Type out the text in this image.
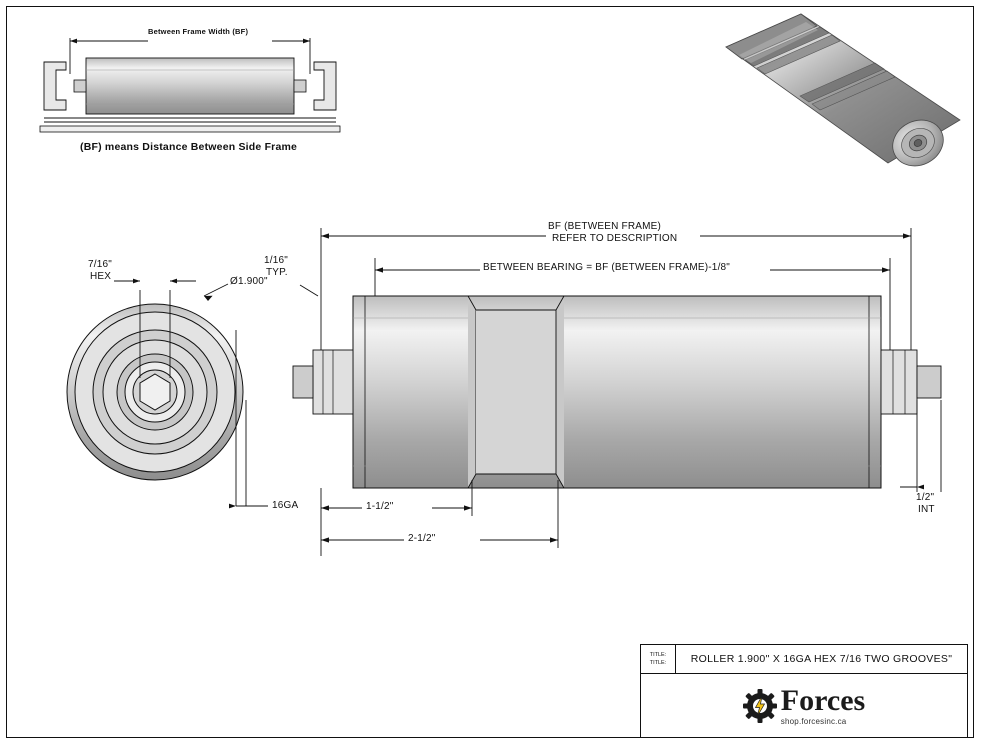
Between Frame Width (BF)
(BF) means Distance Between Side Frame
BF (BETWEEN FRAME)
REFER TO DESCRIPTION
BETWEEN BEARING = BF (BETWEEN FRAME)-1/8"
1/16"
TYP.
7/16"
HEX	Ø1.900"
16GA	1-1/2"
2-1/2"
1/2"
INT
TITLE:
TITLE:	ROLLER 1.900" X 16GA HEX 7/16 TWO GROOVES"
Forces
shop.forcesinc.ca
